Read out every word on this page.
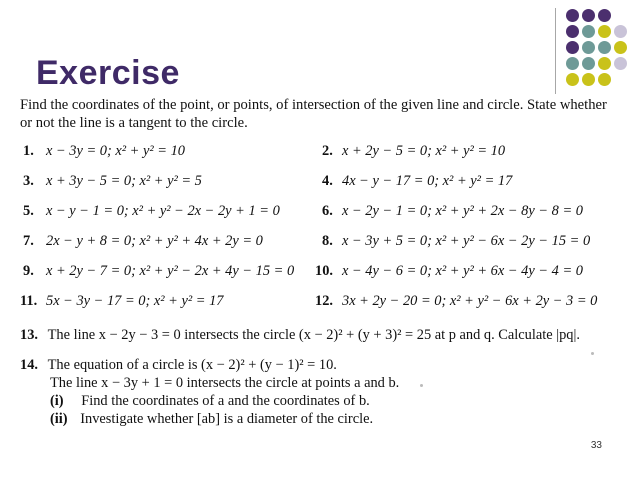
Exercise
Find the coordinates of the point, or points, of intersection of the given line and circle. State whether or not the line is a tangent to the circle.
1. x − 3y = 0; x² + y² = 10	2. x + 2y − 5 = 0; x² + y² = 10
3. x + 3y − 5 = 0; x² + y² = 5	4. 4x − y − 17 = 0; x² + y² = 17
5. x − y − 1 = 0; x² + y² − 2x − 2y + 1 = 0	6. x − 2y − 1 = 0; x² + y² + 2x − 8y − 8 = 0
7. 2x − y + 8 = 0; x² + y² + 4x + 2y = 0	8. x − 3y + 5 = 0; x² + y² − 6x − 2y − 15 = 0
9. x + 2y − 7 = 0; x² + y² − 2x + 4y − 15 = 0 10. x − 4y − 6 = 0; x² + y² + 6x − 4y − 4 = 0
11. 5x − 3y − 17 = 0; x² + y² = 17	12. 3x + 2y − 20 = 0; x² + y² − 6x + 2y − 3 = 0
13. The line x − 2y − 3 = 0 intersects the circle (x − 2)² + (y + 3)² = 25 at p and q. Calculate |pq|.
14. The equation of a circle is (x − 2)² + (y − 1)² = 10.
The line x − 3y + 1 = 0 intersects the circle at points a and b.
(i) Find the coordinates of a and the coordinates of b.
(ii) Investigate whether [ab] is a diameter of the circle.
33
